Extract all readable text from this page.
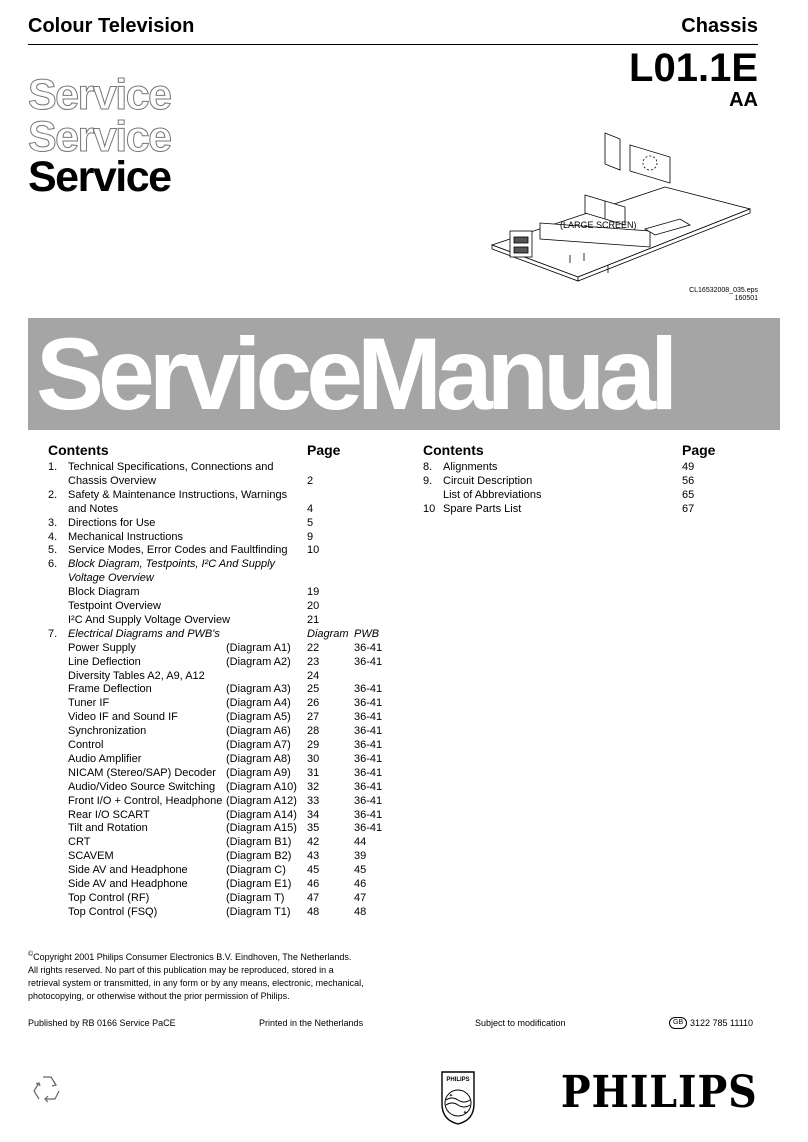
Colour Television	Chassis
L01.1E
AA
Service
Service
Service
(LARGE SCREEN)
CL16532008_035.eps
160501
ServiceManual
Contents	Page
1. Technical Specifications, Connections and
Chassis Overview	2
2. Safety & Maintenance Instructions, Warnings
and Notes	4
3. Directions for Use	5
4. Mechanical Instructions	9
5. Service Modes, Error Codes and Faultfinding 10
6. Block Diagram, Testpoints, I²C And Supply
Voltage Overview
Block Diagram	19
Testpoint Overview	20
I²C And Supply Voltage Overview	21
7. Electrical Diagrams and PWB's	Diagram PWB
Power Supply	(Diagram A1) 22	36-41
Line Deflection	(Diagram A2) 23	36-41
Diversity Tables A2, A9, A12	24
Frame Deflection	(Diagram A3) 25	36-41
Tuner IF	(Diagram A4) 26	36-41
Video IF and Sound IF	(Diagram A5) 27	36-41
Synchronization	(Diagram A6) 28	36-41
Control	(Diagram A7) 29	36-41
Audio Amplifier	(Diagram A8) 30	36-41
NICAM (Stereo/SAP) Decoder (Diagram A9) 31	36-41
Audio/Video Source Switching (Diagram A10) 32	36-41
Front I/O + Control, Headphone (Diagram A12) 33	36-41
Rear I/O SCART	(Diagram A14) 34	36-41
Tilt and Rotation	(Diagram A15) 35	36-41
CRT	(Diagram B1) 42	44
SCAVEM	(Diagram B2) 43	39
Side AV and Headphone	(Diagram C) 45	45
Side AV and Headphone	(Diagram E1) 46	46
Top Control (RF)	(Diagram T) 47	47
Top Control (FSQ)	(Diagram T1) 48	48
Contents	Page
8. Alignments	49
9. Circuit Description	56
List of Abbreviations	65
10 Spare Parts List	67
©Copyright 2001 Philips Consumer Electronics B.V. Eindhoven, The Netherlands.
All rights reserved. No part of this publication may be reproduced, stored in a
retrieval system or transmitted, in any form or by any means, electronic, mechanical,
photocopying, or otherwise without the prior permission of Philips.
Published by RB 0166 Service PaCE	Printed in the Netherlands	Subject to modification	GB 3122 785 11110
PHILIPS
✦
✦ PHILIPS
